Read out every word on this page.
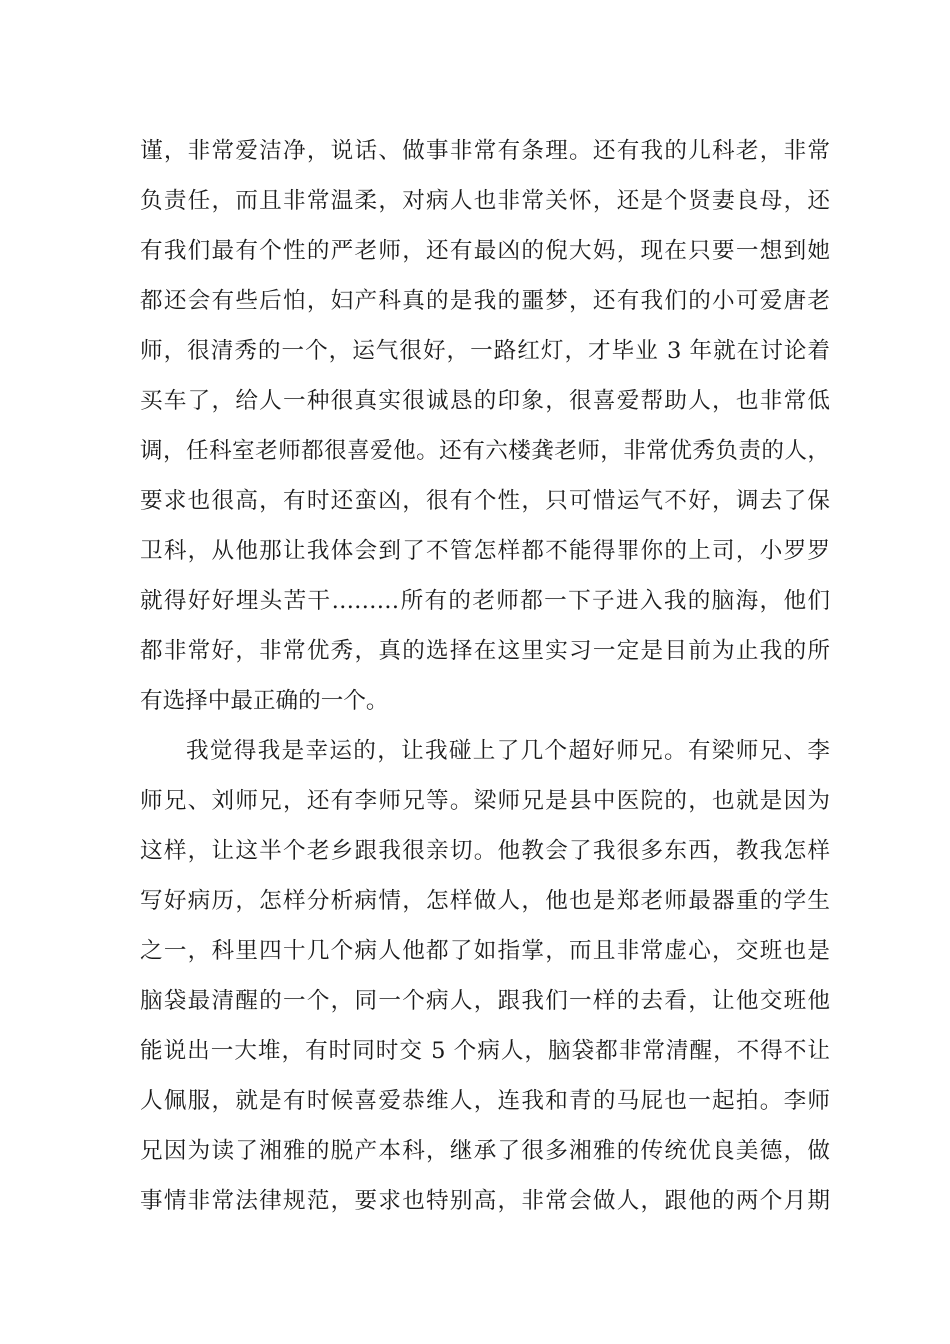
谨，非常爱洁净，说话、做事非常有条理。还有我的儿科老，非常
负责任，而且非常温柔，对病人也非常关怀，还是个贤妻良母，还
有我们最有个性的严老师，还有最凶的倪大妈，现在只要一想到她
都还会有些后怕，妇产科真的是我的噩梦，还有我们的小可爱唐老
师，很清秀的一个，运气很好，一路红灯，才毕业 3 年就在讨论着
买车了，给人一种很真实很诚恳的印象，很喜爱帮助人，也非常低
调，任科室老师都很喜爱他。还有六楼龚老师，非常优秀负责的人，
要求也很高，有时还蛮凶，很有个性，只可惜运气不好，调去了保
卫科，从他那让我体会到了不管怎样都不能得罪你的上司，小罗罗
就得好好埋头苦干………所有的老师都一下子进入我的脑海，他们
都非常好，非常优秀，真的选择在这里实习一定是目前为止我的所
有选择中最正确的一个。
我觉得我是幸运的，让我碰上了几个超好师兄。有梁师兄、李
师兄、刘师兄，还有李师兄等。梁师兄是县中医院的，也就是因为
这样，让这半个老乡跟我很亲切。他教会了我很多东西，教我怎样
写好病历，怎样分析病情，怎样做人，他也是郑老师最器重的学生
之一，科里四十几个病人他都了如指掌，而且非常虚心，交班也是
脑袋最清醒的一个，同一个病人，跟我们一样的去看，让他交班他
能说出一大堆，有时同时交 5 个病人，脑袋都非常清醒，不得不让
人佩服，就是有时候喜爱恭维人，连我和青的马屁也一起拍。李师
兄因为读了湘雅的脱产本科，继承了很多湘雅的传统优良美德，做
事情非常法律规范，要求也特别高，非常会做人，跟他的两个月期
